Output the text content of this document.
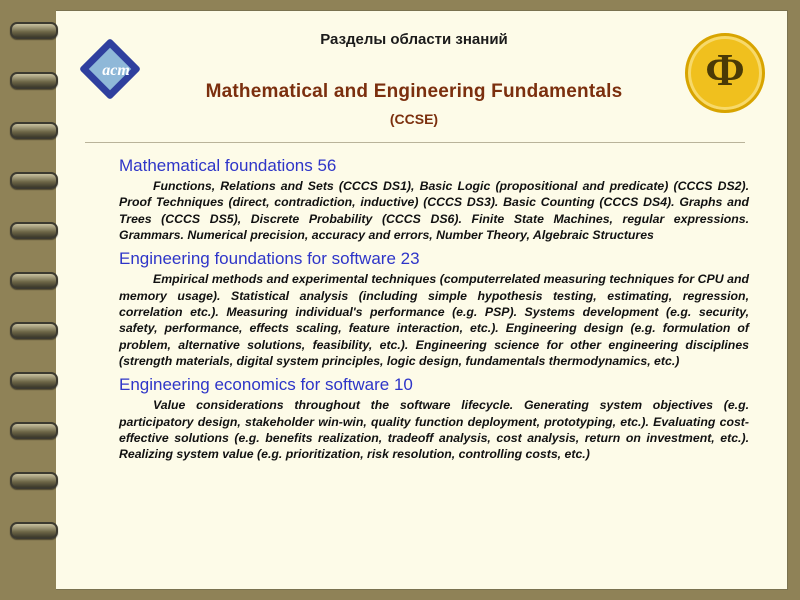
acm	Ф
Разделы области знаний
Mathematical and Engineering Fundamentals
(CCSE)

Mathematical foundations 56

Functions, Relations and Sets (CCCS DS1), Basic Logic (propositional and predicate) (CCCS DS2). Proof Techniques (direct, contradiction, inductive) (CCCS DS3). Basic Counting (CCCS DS4). Graphs and Trees (CCCS DS5), Discrete Probability (CCCS DS6). Finite State Machines, regular expressions. Grammars. Numerical precision, accuracy and errors, Number Theory, Algebraic Structures

Engineering foundations for software 23

Empirical methods and experimental techniques (computerrelated measuring techniques for CPU and memory usage). Statistical analysis (including simple hypothesis testing, estimating, regression, correlation etc.). Measuring individual's performance (e.g. PSP). Systems development (e.g. security, safety, performance, effects scaling, feature interaction, etc.). Engineering design (e.g. formulation of problem, alternative solutions, feasibility, etc.). Engineering science for other engineering disciplines (strength materials, digital system principles, logic design, fundamentals thermodynamics, etc.)

Engineering economics for software 10

Value considerations throughout the software lifecycle. Generating system objectives (e.g. participatory design, stakeholder win-win, quality function deployment, prototyping, etc.). Evaluating cost-effective solutions (e.g. benefits realization, tradeoff analysis, cost analysis, return on investment, etc.). Realizing system value (e.g. prioritization, risk resolution, controlling costs, etc.)
